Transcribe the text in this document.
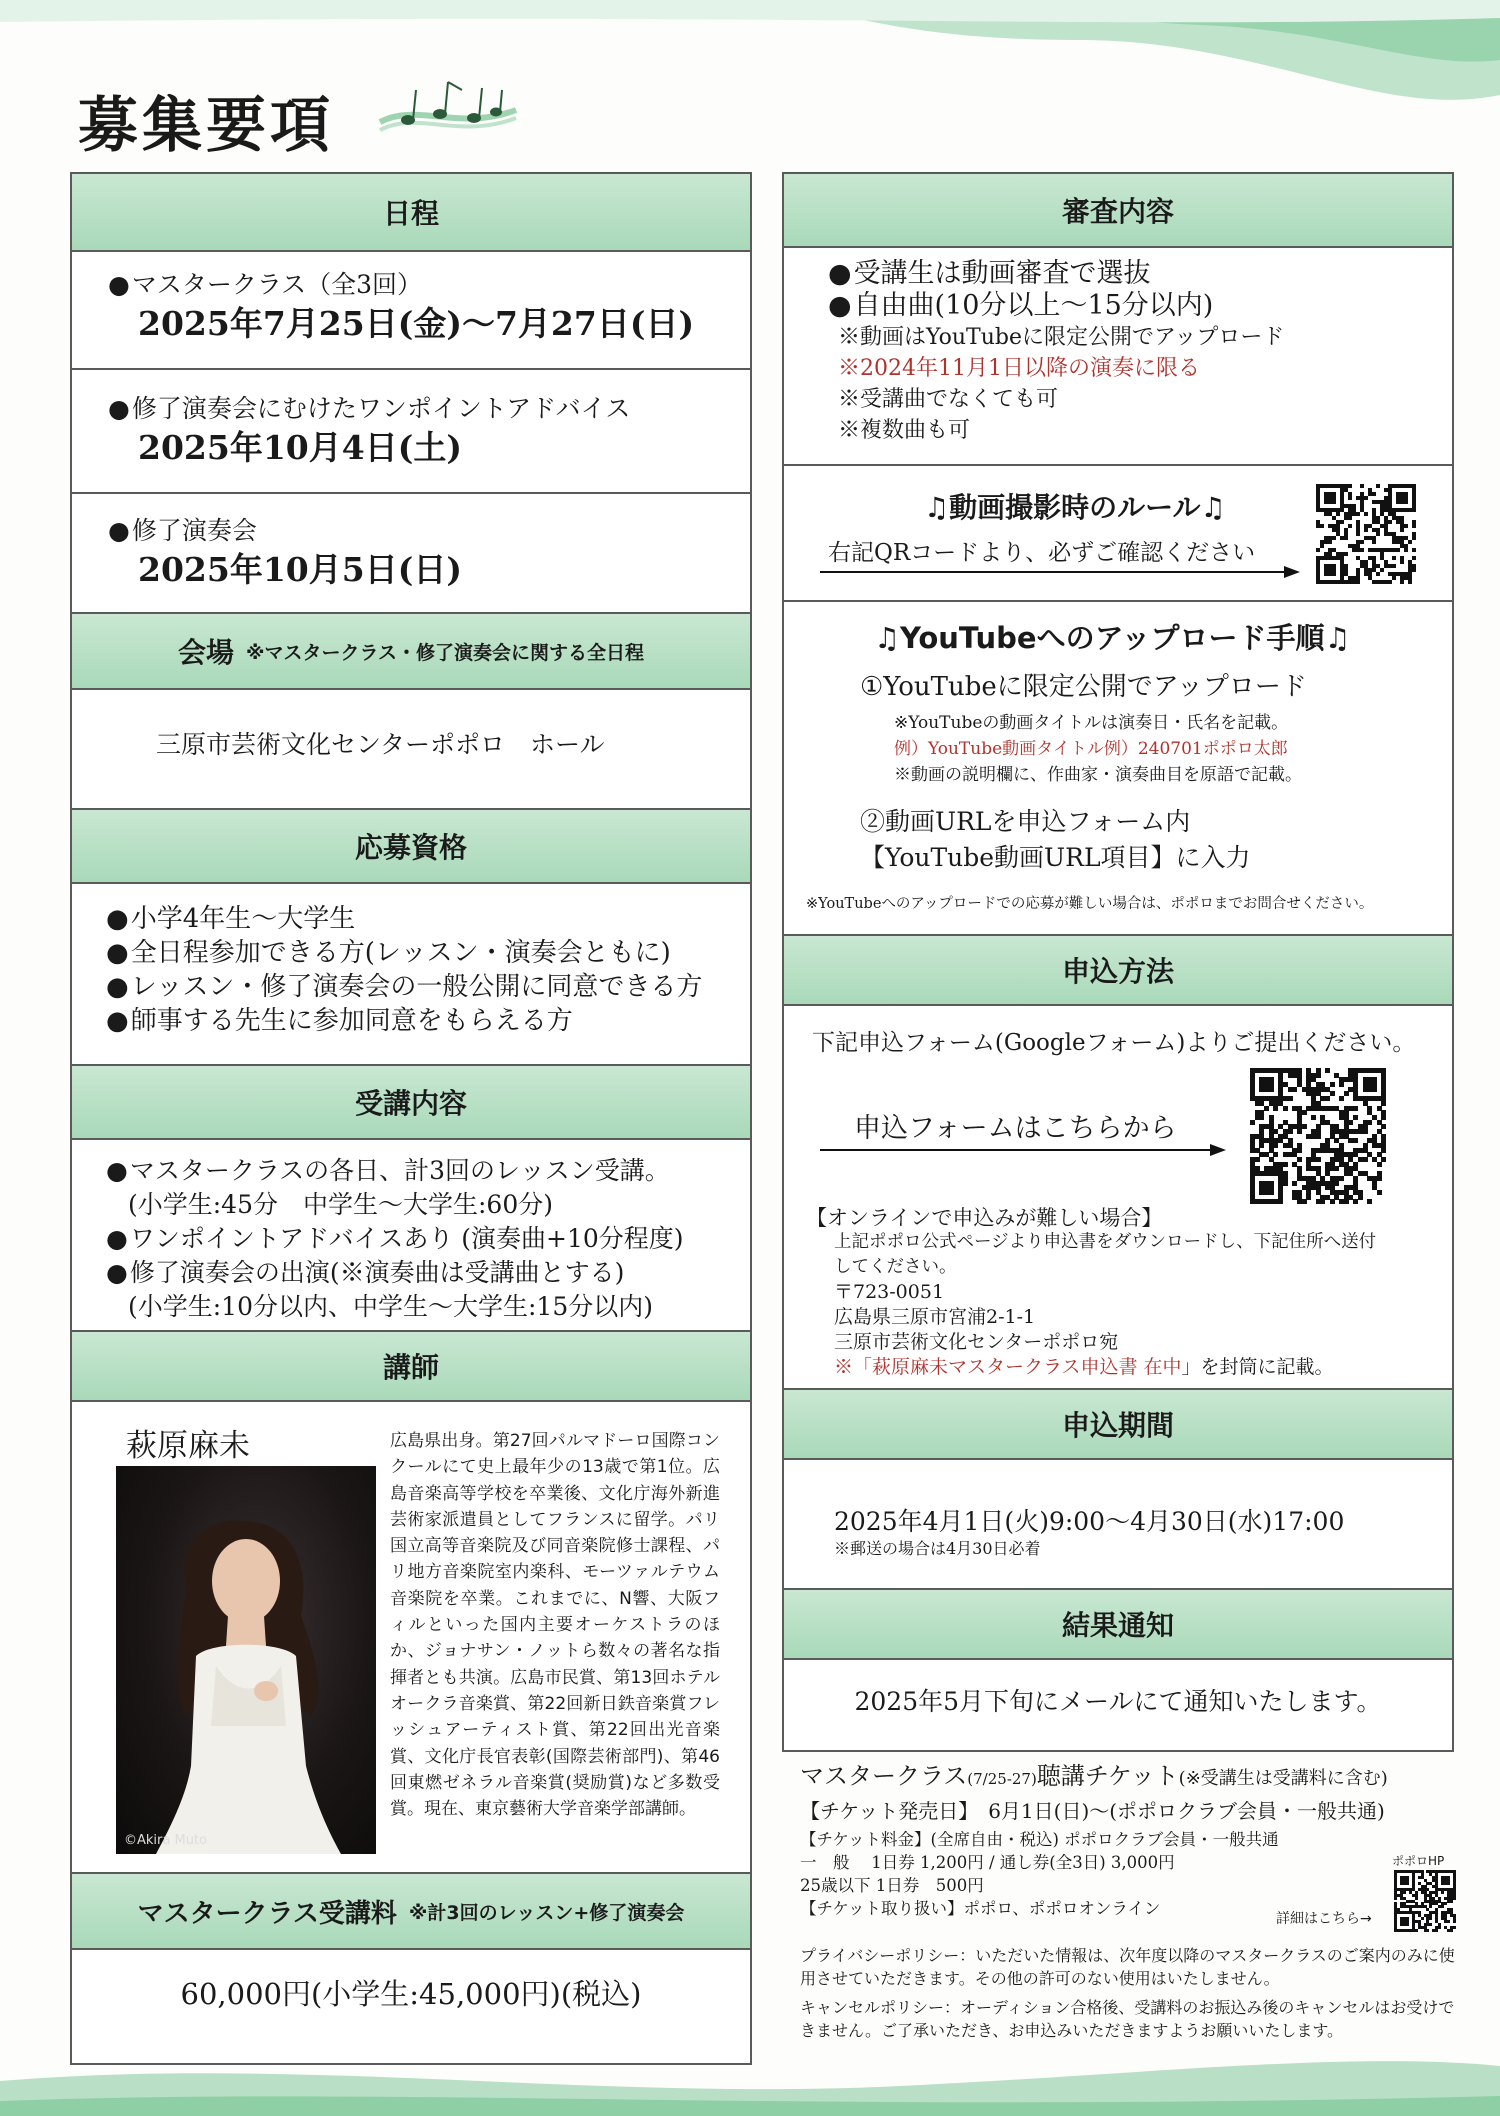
募集要項
日程
● マスタークラス（全3回）
2025年7月25日(金)～7月27日(日)
● 修了演奏会にむけたワンポイントアドバイス
2025年10月4日(土)
● 修了演奏会
2025年10月5日(日)
会場 ※マスタークラス・修了演奏会に関する全日程
三原市芸術文化センターポポロ　ホール
応募資格
● 小学4年生～大学生
● 全日程参加できる方(レッスン・演奏会ともに)
● レッスン・修了演奏会の一般公開に同意できる方
● 師事する先生に参加同意をもらえる方
受講内容
● マスタークラスの各日、計3回のレッスン受講。
(小学生:45分　中学生～大学生:60分)
● ワンポイントアドバイスあり (演奏曲+10分程度)
● 修了演奏会の出演(※演奏曲は受講曲とする)
(小学生:10分以内、中学生～大学生:15分以内)
講師
萩原麻未
©Akira Muto
広島県出身。第27回パルマドーロ国際コンクールにて史上最年少の13歳で第1位。広島音楽高等学校を卒業後、文化庁海外新進芸術家派遣員としてフランスに留学。パリ国立高等音楽院及び同音楽院修士課程、パリ地方音楽院室内楽科、モーツァルテウム音楽院を卒業。これまでに、N響、大阪フィルといった国内主要オーケストラのほか、ジョナサン・ノットら数々の著名な指揮者とも共演。広島市民賞、第13回ホテルオークラ音楽賞、第22回新日鉄音楽賞フレッシュアーティスト賞、第22回出光音楽賞、文化庁長官表彰(国際芸術部門)、第46回東燃ゼネラル音楽賞(奨励賞)など多数受賞。現在、東京藝術大学音楽学部講師。
マスタークラス受講料 ※計3回のレッスン+修了演奏会
60,000円(小学生:45,000円)(税込)
審査内容
● 受講生は動画審査で選抜
● 自由曲(10分以上～15分以内)
※動画はYouTubeに限定公開でアップロード
※2024年11月1日以降の演奏に限る
※受講曲でなくても可
※複数曲も可
♫動画撮影時のルール♫
右記QRコードより、必ずご確認ください
♫YouTubeへのアップロード手順♫
①YouTubeに限定公開でアップロード
※YouTubeの動画タイトルは演奏日・氏名を記載。
例）YouTube動画タイトル例）240701ポポロ太郎
※動画の説明欄に、作曲家・演奏曲目を原語で記載。
②動画URLを申込フォーム内
【YouTube動画URL項目】に入力
※YouTubeへのアップロードでの応募が難しい場合は、ポポロまでお問合せください。
申込方法
下記申込フォーム(Googleフォーム)よりご提出ください。
申込フォームはこちらから
【オンラインで申込みが難しい場合】
上記ポポロ公式ページより申込書をダウンロードし、下記住所へ送付
してください。
〒723-0051
広島県三原市宮浦2-1-1
三原市芸術文化センターポポロ宛
※「萩原麻未マスタークラス申込書 在中」を封筒に記載。
申込期間
2025年4月1日(火)9:00～4月30日(水)17:00
※郵送の場合は4月30日必着
結果通知
2025年5月下旬にメールにて通知いたします。
マスタークラス(7/25-27)聴講チケット(※受講生は受講料に含む)
【チケット発売日】　6月1日(日)～(ポポロクラブ会員・一般共通)
【チケット料金】(全席自由・税込) ポポロクラブ会員・一般共通
一　般　 1日券 1,200円 / 通し券(全3日) 3,000円
25歳以下 1日券　500円
【チケット取り扱い】ポポロ、ポポロオンライン
ポポロHP
詳細はこちら→
プライバシーポリシー：いただいた情報は、次年度以降のマスタークラスのご案内のみに使用させていただきます。その他の許可のない使用はいたしません。
キャンセルポリシー：オーディション合格後、受講料のお振込み後のキャンセルはお受けできません。ご了承いただき、お申込みいただきますようお願いいたします。
